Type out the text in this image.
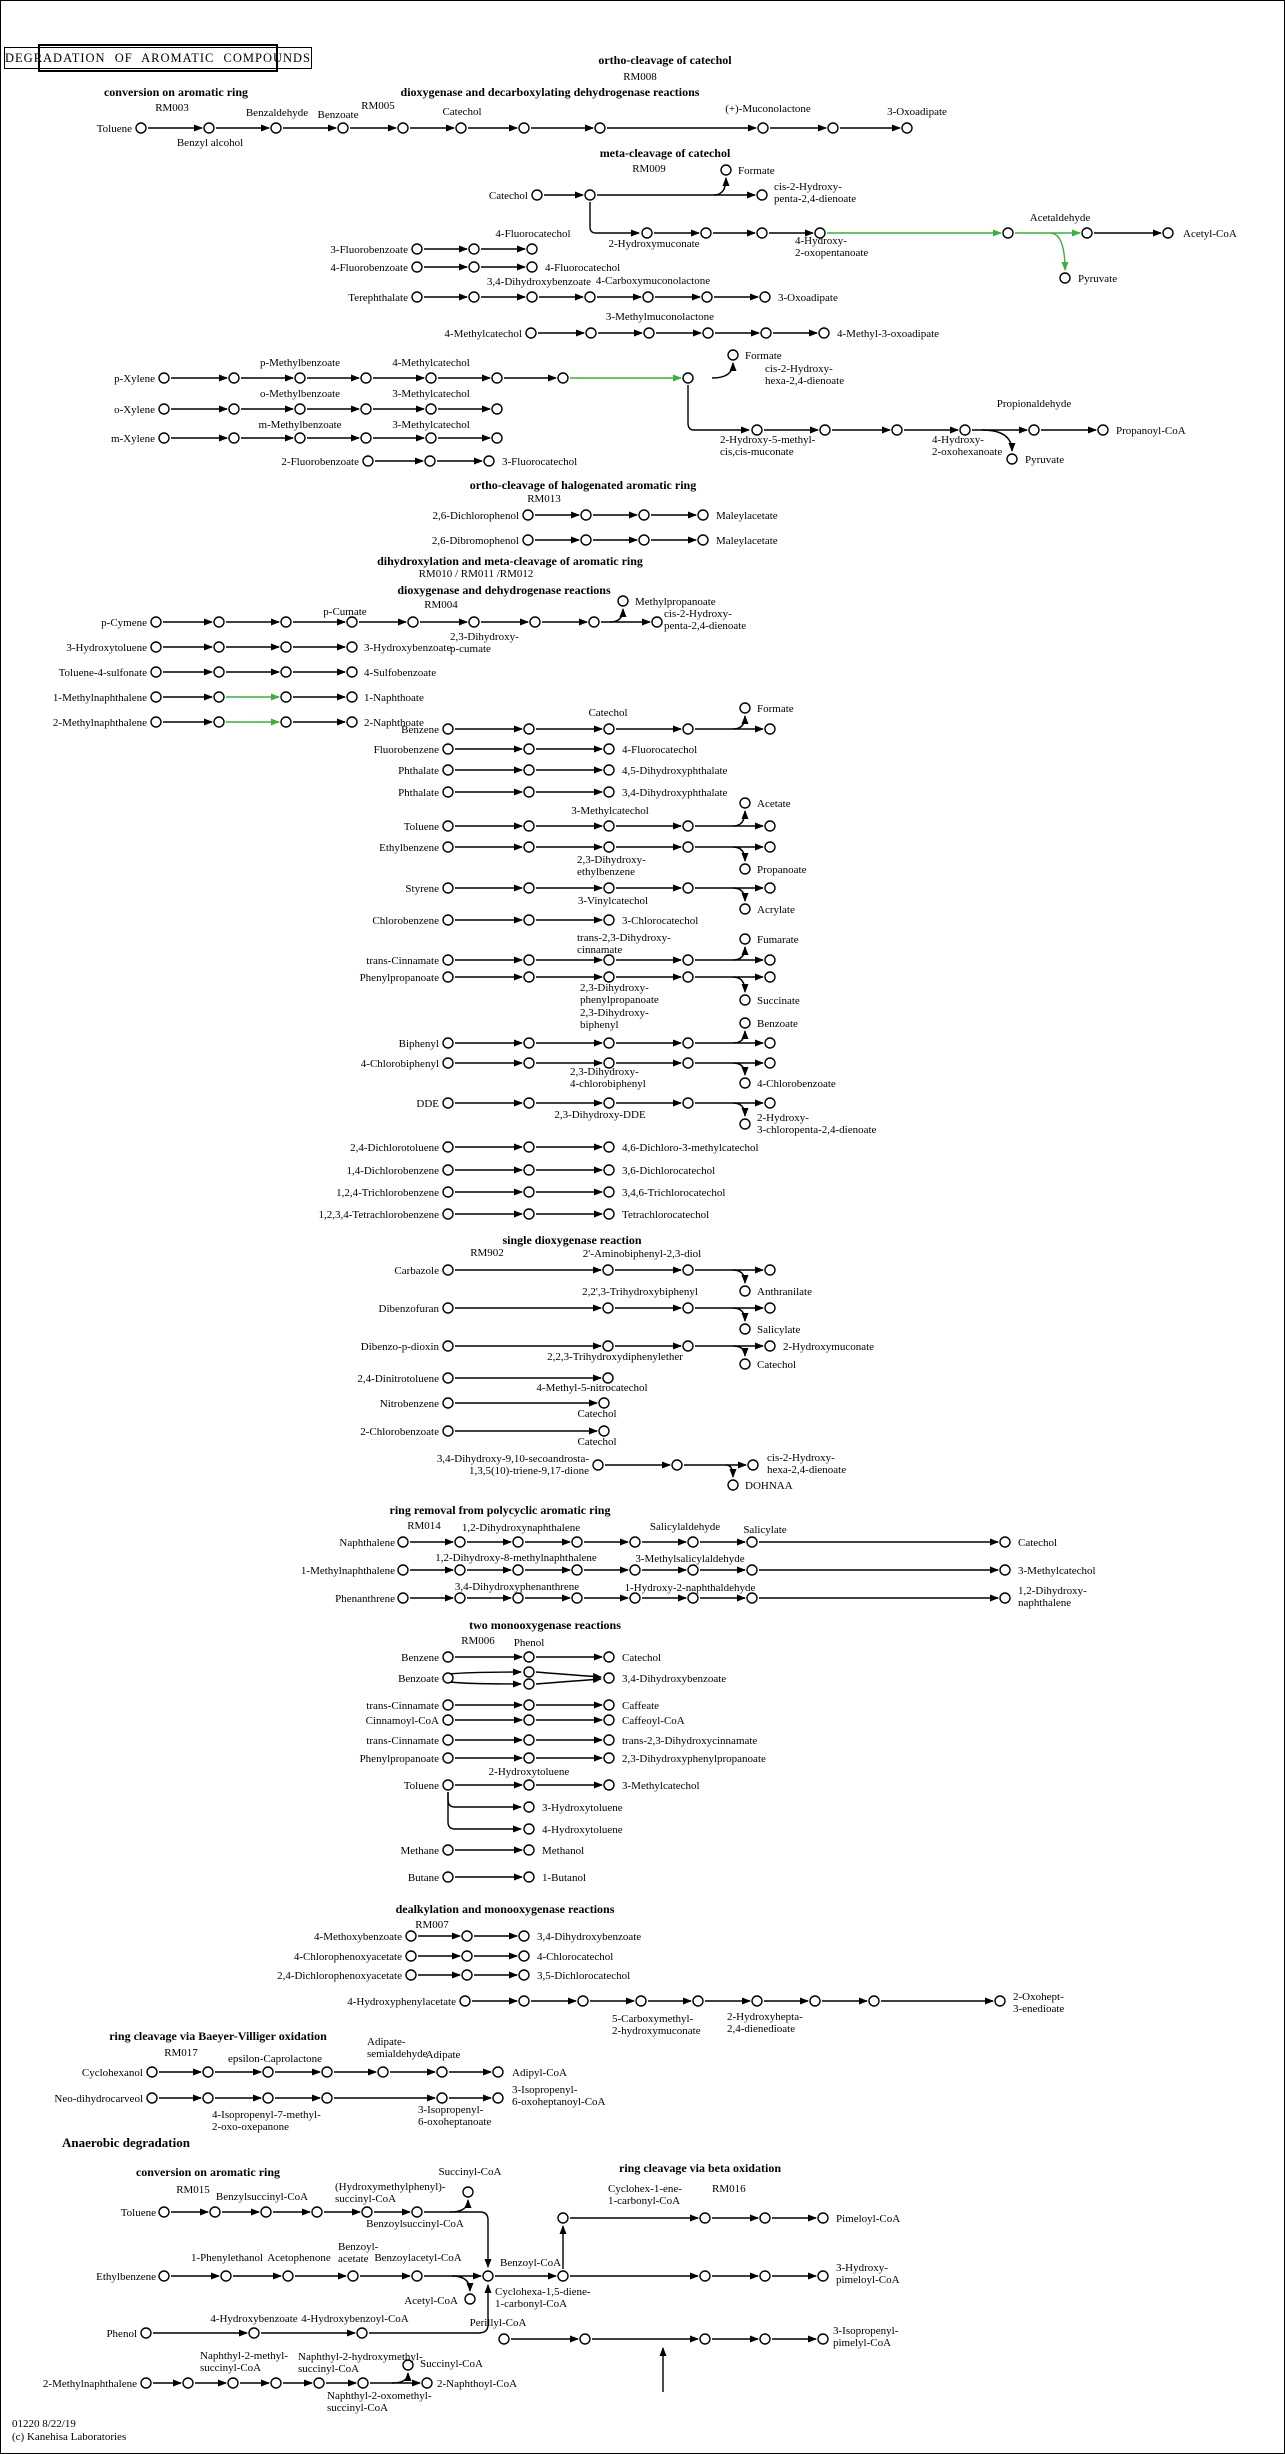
RM003
RM008
RM009
RM005
Toluene
Benzaldehyde
Benzyl alcohol
Benzoate	Catechol	(+)-Muconolactone	3-Oxoadipate
Catechol
Formate
cis-2-Hydroxy-
penta-2,4-dienoate
2-Hydroxymuconate	4-Hydroxy-
2-oxopentanoate
Acetaldehyde
Acetyl-CoA
Pyruvate
3-Fluorobenzoate
4-Fluorocatechol
4-Fluorobenzoate	4-Fluorocatechol
Terephthalate
3,4-Dihydroxybenzoate 4-Carboxymuconolactone
3-Oxoadipate
4-Methylcatechol
3-Methylmuconolactone
4-Methyl-3-oxoadipate
p-Xylene
p-Methylbenzoate	4-Methylcatechol
o-Xylene
o-Methylbenzoate	3-Methylcatechol
m-Xylene
m-Methylbenzoate	3-Methylcatechol
2-Fluorobenzoate	3-Fluorocatechol
Formate
cis-2-Hydroxy-
hexa-2,4-dienoate
2-Hydroxy-5-methyl-
cis,cis-muconate
4-Hydroxy-
2-oxohexanoate
Propionaldehyde
Propanoyl-CoA
Pyruvate
RM013
2,6-Dichlorophenol	Maleylacetate
2,6-Dibromophenol	Maleylacetate
RM010 / RM011 /RM012
RM004
p-Cumate
p-Cymene
Methylpropanoate
cis-2-Hydroxy-
penta-2,4-dienoate
3-Hydroxytoluene	3-Hydroxybenzoate
2,3-Dihydroxy-
p-cumate
Toluene-4-sulfonate	4-Sulfobenzoate
1-Methylnaphthalene	1-Naphthoate
2-Methylnaphthalene	2-Naphthoate
Benzene
Catechol	Formate
Fluorobenzene	4-Fluorocatechol
Phthalate	4,5-Dihydroxyphthalate
Phthalate	3,4-Dihydroxyphthalate
Acetate
Toluene
3-Methylcatechol
Ethylbenzene
2,3-Dihydroxy-
ethylbenzene	Propanoate
Styrene
3-Vinylcatechol
Acrylate
Chlorobenzene	3-Chlorocatechol
Fumarate
trans-2,3-Dihydroxy-
cinnamate
trans-Cinnamate
Phenylpropanoate
2,3-Dihydroxy-
phenylpropanoate	Succinate
2,3-Dihydroxy-
biphenyl	Benzoate
Biphenyl
4-Chlorobiphenyl
2,3-Dihydroxy-
4-chlorobiphenyl	4-Chlorobenzoate
DDE
2,3-Dihydroxy-DDE	2-Hydroxy-
3-chloropenta-2,4-dienoate
2,4-Dichlorotoluene	4,6-Dichloro-3-methylcatechol
1,4-Dichlorobenzene	3,6-Dichlorocatechol
1,2,4-Trichlorobenzene	3,4,6-Trichlorocatechol
1,2,3,4-Tetrachlorobenzene	Tetrachlorocatechol
RM902	2'-Aminobiphenyl-2,3-diol
Carbazole
Anthranilate
2,2',3-Trihydroxybiphenyl
Dibenzofuran
Salicylate
Dibenzo-p-dioxin	2-Hydroxymuconate
2,2,3-Trihydroxydiphenylether
Catechol
2,4-Dinitrotoluene
4-Methyl-5-nitrocatechol
Nitrobenzene
Catechol
2-Chlorobenzoate
Catechol
3,4-Dihydroxy-9,10-secoandrosta-
1,3,5(10)-triene-9,17-dione
cis-2-Hydroxy-
hexa-2,4-dienoate
DOHNAA
RM014 1,2-Dihydroxynaphthalene	Salicylaldehyde Salicylate
Naphthalene	Catechol
1-Methylnaphthalene
1,2-Dihydroxy-8-methylnaphthalene	3-Methylsalicylaldehyde
3-Methylcatechol
Phenanthrene
3,4-Dihydroxyphenanthrene	1-Hydroxy-2-naphthaldehyde	1,2-Dihydroxy-
naphthalene
RM006 Phenol
Benzene	Catechol
Benzoate	3,4-Dihydroxybenzoate
trans-Cinnamate	Caffeate
Cinnamoyl-CoA	Caffeoyl-CoA
trans-Cinnamate	trans-2,3-Dihydroxycinnamate
Phenylpropanoate	2,3-Dihydroxyphenylpropanoate
2-Hydroxytoluene
Toluene	3-Methylcatechol
3-Hydroxytoluene
4-Hydroxytoluene
Methane	Methanol
Butane	1-Butanol
RM007
4-Methoxybenzoate	3,4-Dihydroxybenzoate
4-Chlorophenoxyacetate	4-Chlorocatechol
2,4-Dichlorophenoxyacetate	3,5-Dichlorocatechol
4-Hydroxyphenylacetate
5-Carboxymethyl-
2-hydroxymuconate
2-Hydroxyhepta-
2,4-dienedioate
2-Oxohept-
3-enedioate
RM017	epsilon-Caprolactone
Adipate-
semialdehyde
Adipate
Cyclohexanol	Adipyl-CoA
Neo-dihydrocarveol
3-Isopropenyl-
6-oxoheptanoyl-CoA
4-Isopropenyl-7-methyl-
2-oxo-oxepanone
3-Isopropenyl-
6-oxoheptanoate
RM015
Benzylsuccinyl-CoA
(Hydroxymethylphenyl)-
succinyl-CoA
Succinyl-CoA
Toluene
Benzoylsuccinyl-CoA
Cyclohex-1-ene-
1-carbonyl-CoA
RM016
Pimeloyl-CoA
1-Phenylethanol Acetophenone
Benzoyl-
acetate Benzoylacetyl-CoA
Ethylbenzene
Benzoyl-CoA
Acetyl-CoA
Cyclohexa-1,5-diene-
1-carbonyl-CoA
3-Hydroxy-
pimeloyl-CoA
4-Hydroxybenzoate 4-Hydroxybenzoyl-CoA
Phenol
Perillyl-CoA
3-Isopropenyl-
pimelyl-CoA
Naphthyl-2-methyl-
succinyl-CoA
Naphthyl-2-hydroxymethyl-
succinyl-CoA	Succinyl-CoA
2-Methylnaphthalene	2-Naphthoyl-CoA
Naphthyl-2-oxomethyl-
succinyl-CoA
conversion on aromatic ring	dioxygenase and decarboxylating dehydrogenase reactions
ortho-cleavage of catechol
meta-cleavage of catechol
ortho-cleavage of halogenated aromatic ring
dihydroxylation and meta-cleavage of aromatic ring
dioxygenase and dehydrogenase reactions
single dioxygenase reaction
ring removal from polycyclic aromatic ring
two monooxygenase reactions
dealkylation and monooxygenase reactions
ring cleavage via Baeyer-Villiger oxidation
Anaerobic degradation
conversion on aromatic ring	ring cleavage via beta oxidation
DEGRADATION OF AROMATIC COMPOUNDS
01220 8/22/19
(c) Kanehisa Laboratories
